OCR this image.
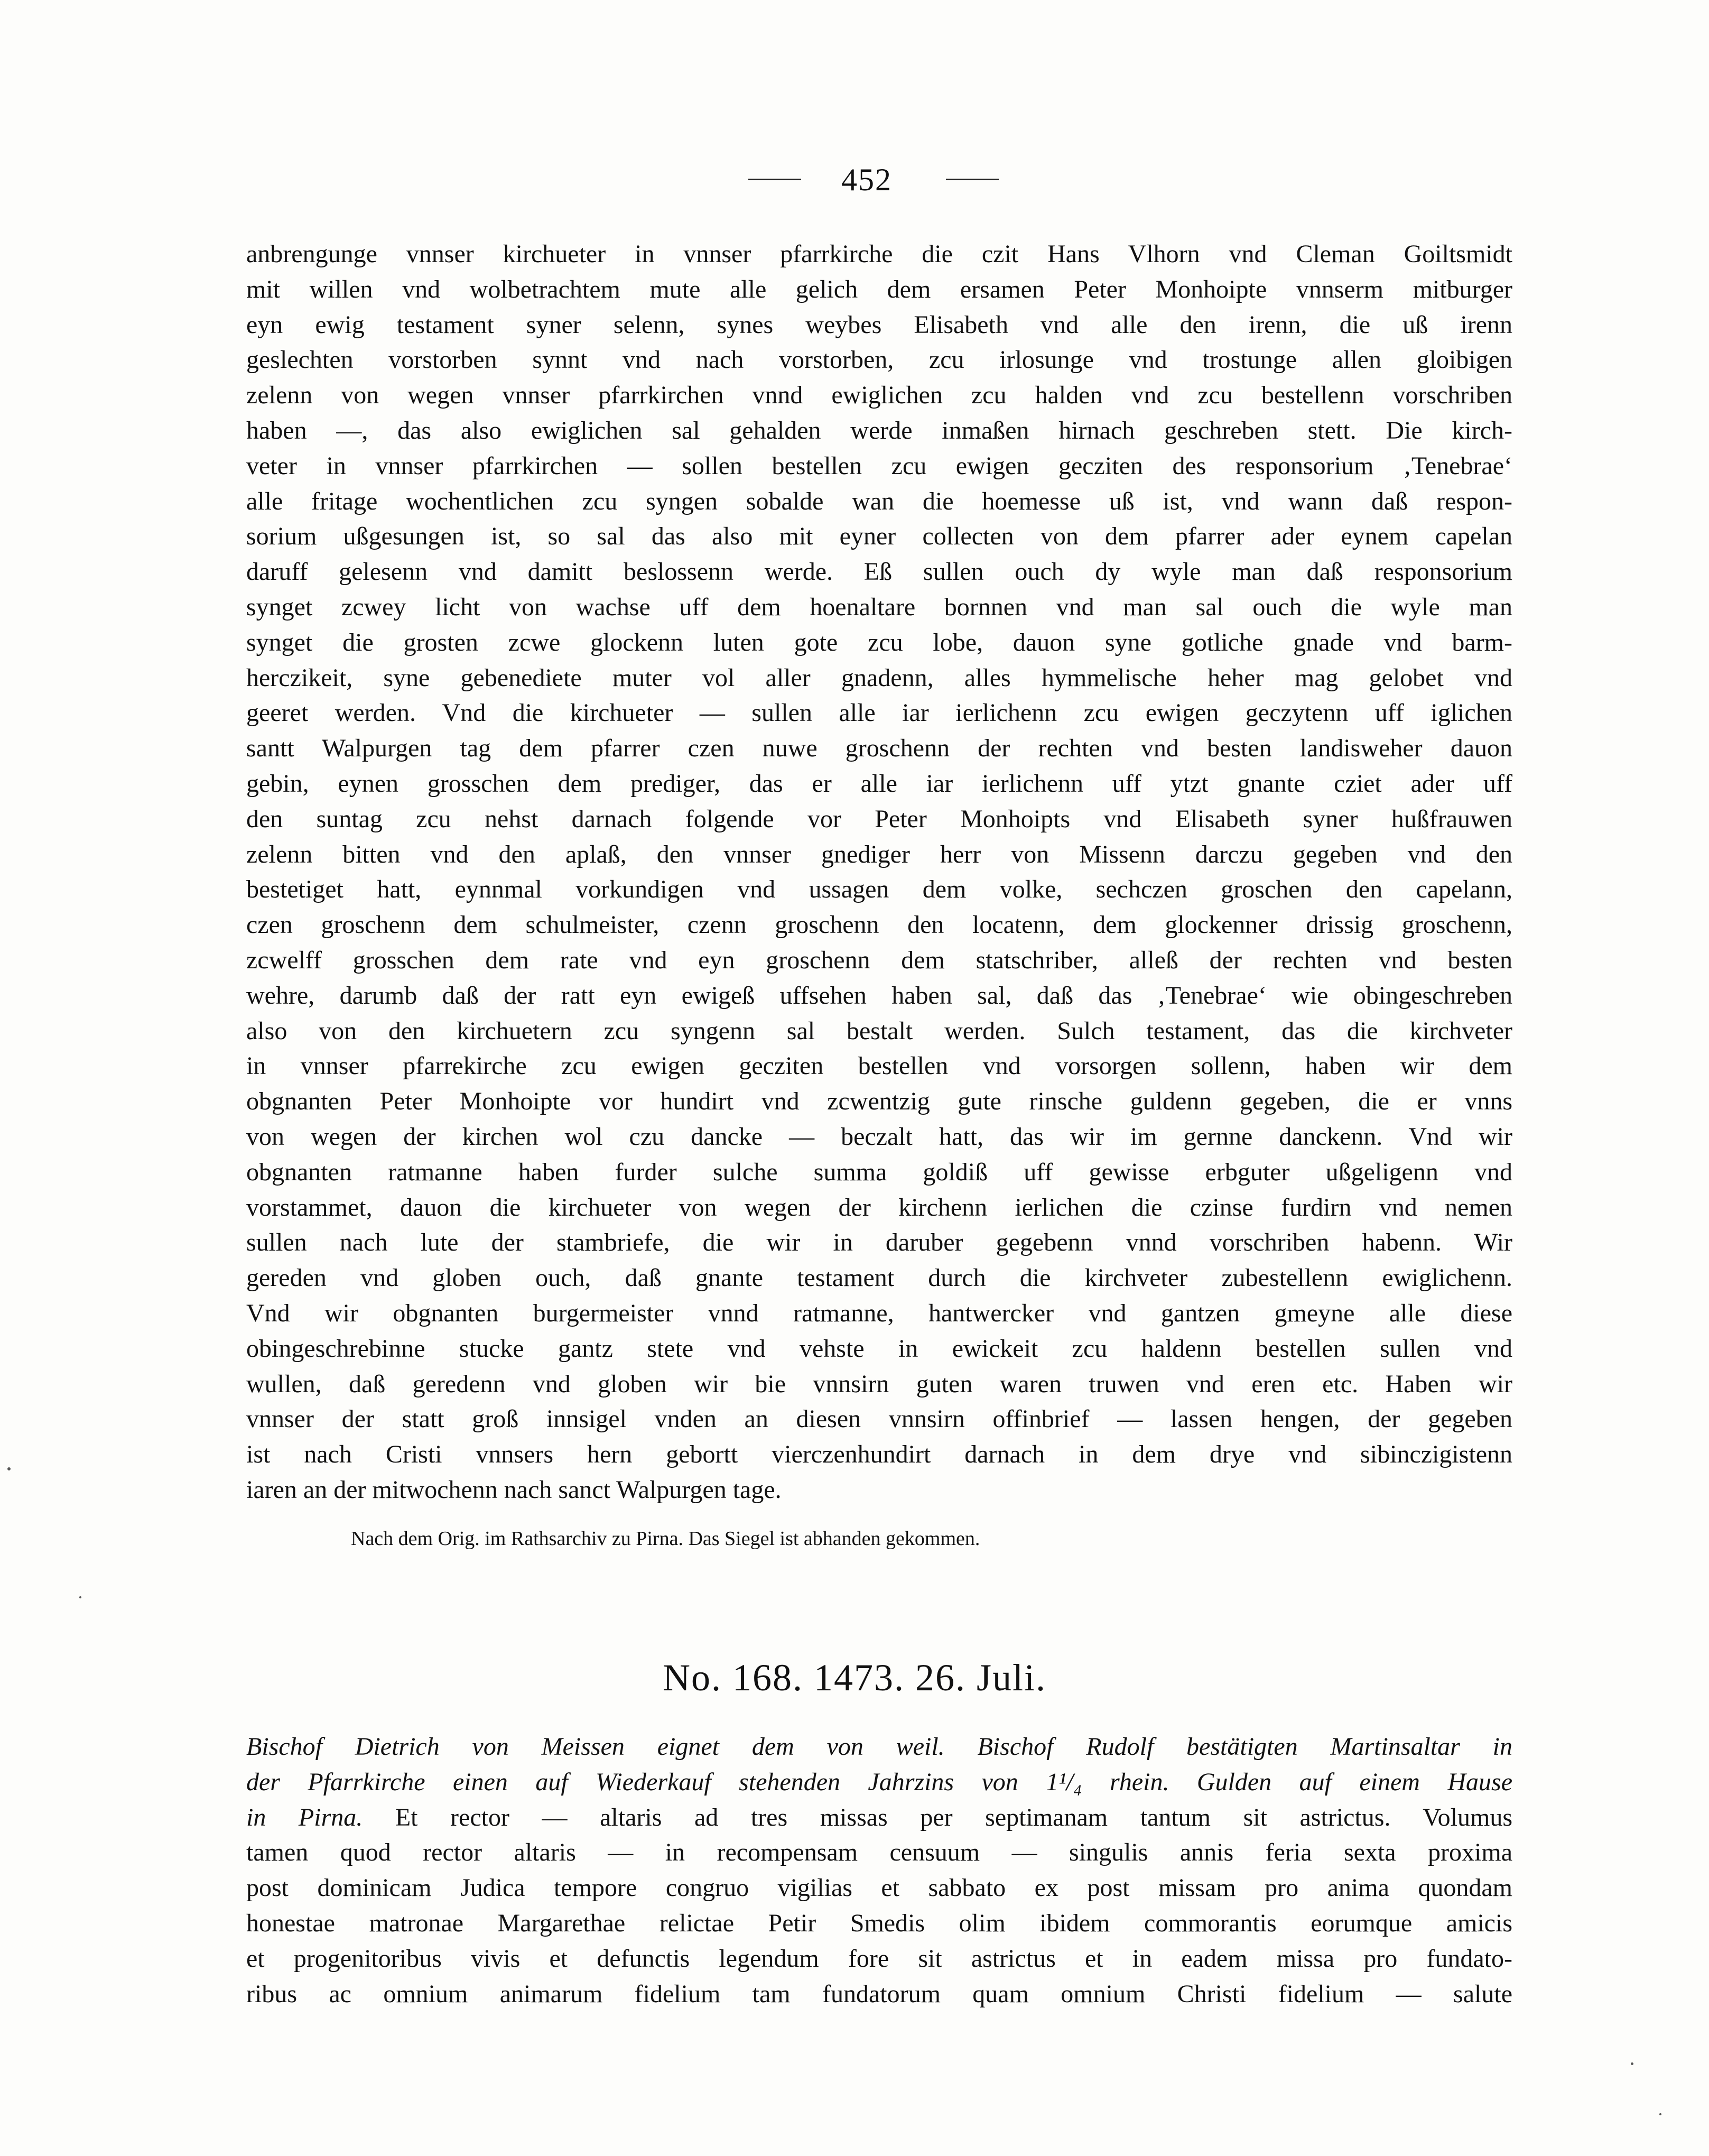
452
anbrengunge vnnser kirchueter in vnnser pfarrkirche die czit Hans Vlhorn vnd Cleman Goiltsmidt
mit willen vnd wolbetrachtem mute alle gelich dem ersamen Peter Monhoipte vnnserm mitburger
eyn ewig testament syner selenn, synes weybes Elisabeth vnd alle den irenn, die uß irenn
geslechten vorstorben synnt vnd nach vorstorben, zcu irlosunge vnd trostunge allen gloibigen
zelenn von wegen vnnser pfarrkirchen vnnd ewiglichen zcu halden vnd zcu bestellenn vorschriben
haben —, das also ewiglichen sal gehalden werde inmaßen hirnach geschreben stett. Die kirch-
veter in vnnser pfarrkirchen — sollen bestellen zcu ewigen gecziten des responsorium ‚Tenebrae‘
alle fritage wochentlichen zcu syngen sobalde wan die hoemesse uß ist, vnd wann daß respon-
sorium ußgesungen ist, so sal das also mit eyner collecten von dem pfarrer ader eynem capelan
daruff gelesenn vnd damitt beslossenn werde. Eß sullen ouch dy wyle man daß responsorium
synget zcwey licht von wachse uff dem hoenaltare bornnen vnd man sal ouch die wyle man
synget die grosten zcwe glockenn luten gote zcu lobe, dauon syne gotliche gnade vnd barm-
herczikeit, syne gebenediete muter vol aller gnadenn, alles hymmelische heher mag gelobet vnd
geeret werden. Vnd die kirchueter — sullen alle iar ierlichenn zcu ewigen geczytenn uff iglichen
santt Walpurgen tag dem pfarrer czen nuwe groschenn der rechten vnd besten landisweher dauon
gebin, eynen grosschen dem prediger, das er alle iar ierlichenn uff ytzt gnante cziet ader uff
den suntag zcu nehst darnach folgende vor Peter Monhoipts vnd Elisabeth syner hußfrauwen
zelenn bitten vnd den aplaß, den vnnser gnediger herr von Missenn darczu gegeben vnd den
bestetiget hatt, eynnmal vorkundigen vnd ussagen dem volke, sechczen groschen den capelann,
czen groschenn dem schulmeister, czenn groschenn den locatenn, dem glockenner drissig groschenn,
zcwelff grosschen dem rate vnd eyn groschenn dem statschriber, alleß der rechten vnd besten
wehre, darumb daß der ratt eyn ewigeß uffsehen haben sal, daß das ‚Tenebrae‘ wie obingeschreben
also von den kirchuetern zcu syngenn sal bestalt werden. Sulch testament, das die kirchveter
in vnnser pfarrekirche zcu ewigen gecziten bestellen vnd vorsorgen sollenn, haben wir dem
obgnanten Peter Monhoipte vor hundirt vnd zcwentzig gute rinsche guldenn gegeben, die er vnns
von wegen der kirchen wol czu dancke — beczalt hatt, das wir im gernne danckenn. Vnd wir
obgnanten ratmanne haben furder sulche summa goldiß uff gewisse erbguter ußgeligenn vnd
vorstammet, dauon die kirchueter von wegen der kirchenn ierlichen die czinse furdirn vnd nemen
sullen nach lute der stambriefe, die wir in daruber gegebenn vnnd vorschriben habenn. Wir
gereden vnd globen ouch, daß gnante testament durch die kirchveter zubestellenn ewiglichenn.
Vnd wir obgnanten burgermeister vnnd ratmanne, hantwercker vnd gantzen gmeyne alle diese
obingeschrebinne stucke gantz stete vnd vehste in ewickeit zcu haldenn bestellen sullen vnd
wullen, daß geredenn vnd globen wir bie vnnsirn guten waren truwen vnd eren etc. Haben wir
vnnser der statt groß innsigel vnden an diesen vnnsirn offinbrief — lassen hengen, der gegeben
ist nach Cristi vnnsers hern gebortt vierczenhundirt darnach in dem drye vnd sibinczigistenn
iaren an der mitwochenn nach sanct Walpurgen tage.
Nach dem Orig. im Rathsarchiv zu Pirna. Das Siegel ist abhanden gekommen.
No. 168. 1473. 26. Juli.
Bischof Dietrich von Meissen eignet dem von weil. Bischof Rudolf bestätigten Martinsaltar in
der Pfarrkirche einen auf Wiederkauf stehenden Jahrzins von 1¹/₄ rhein. Gulden auf einem Hause
in Pirna. Et rector — altaris ad tres missas per septimanam tantum sit astrictus. Volumus
tamen quod rector altaris — in recompensam censuum — singulis annis feria sexta proxima
post dominicam Judica tempore congruo vigilias et sabbato ex post missam pro anima quondam
honestae matronae Margarethae relictae Petir Smedis olim ibidem commorantis eorumque amicis
et progenitoribus vivis et defunctis legendum fore sit astrictus et in eadem missa pro fundato-
ribus ac omnium animarum fidelium tam fundatorum quam omnium Christi fidelium — salute
